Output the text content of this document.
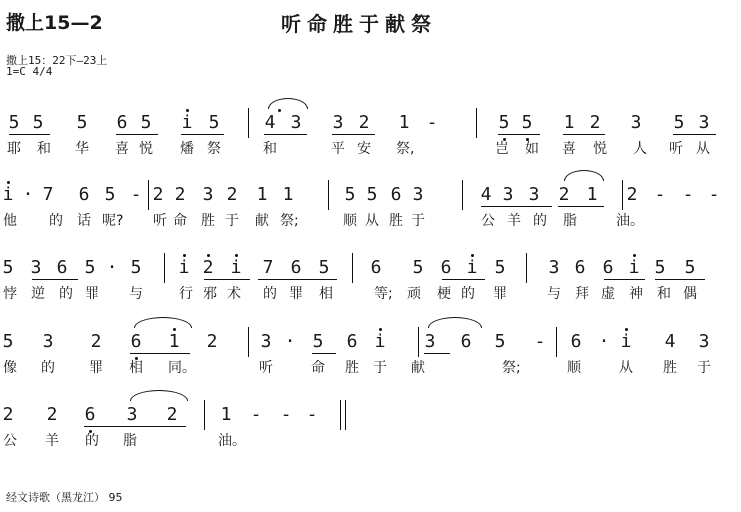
撒上15—2	听命胜于献祭
撒上15：22下—23上
1=C 4/4
5 5 5 6 5 i 5	4 3 3 2 1 -	5 5 1 2 3 5 3
耶 和 华 喜 悦 燔 祭	和	平 安 祭,	岂 如 喜 悦 人 听 从
i · 7 6 5 - 2 2 3 2 1 1	5 5 6 3	4 3 3 2 1 2 - - -
他 的 话 呢? 听 命 胜 于 献 祭;	顺 从 胜 于	公 羊 的 脂	油。
5 3 6 5 · 5 i 2 i 7 6 5 6 5 6 i 5 3 6 6 i 5 5
悖 逆 的 罪 与	行 邪 术 的 罪 相	等; 顽 梗 的 罪	与 拜 虚 神 和 偶
5 3 2 6 1 2 3 · 5 6 i 3 6 5 - 6 · i 4 3
像 的 罪 相 同。	听	命 胜 于 献	祭;	顺	从 胜 于
2 2 6 3 2 1 - - -
公 羊 的 脂	油。
经文诗歌（黑龙江） 95
